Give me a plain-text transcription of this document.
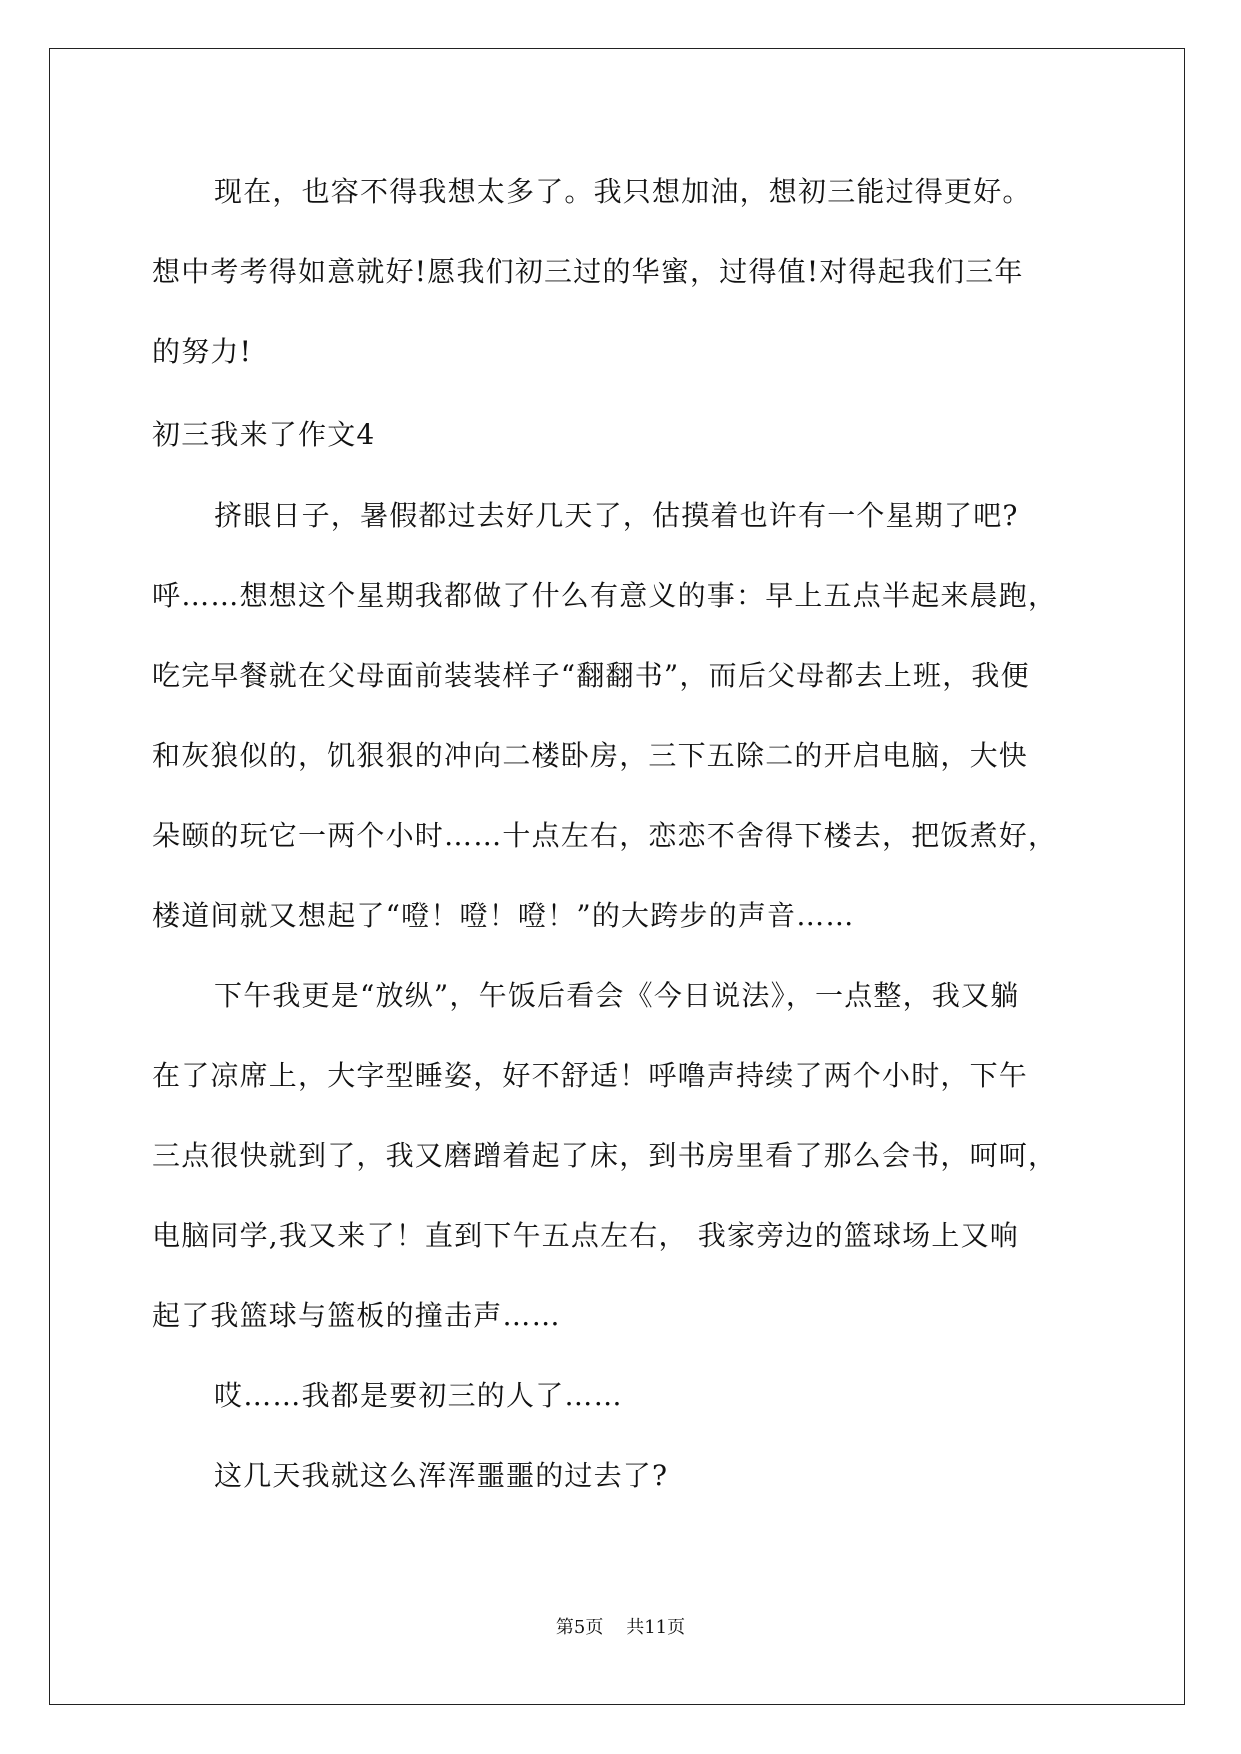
现在，也容不得我想太多了。我只想加油，想初三能过得更好。
想中考考得如意就好!愿我们初三过的华蜜，过得值!对得起我们三年
的努力!
初三我来了作文4
挤眼日子，暑假都过去好几天了，估摸着也许有一个星期了吧?
呼……想想这个星期我都做了什么有意义的事：早上五点半起来晨跑，
吃完早餐就在父母面前装装样子“翻翻书”，而后父母都去上班，我便
和灰狼似的，饥狠狠的冲向二楼卧房，三下五除二的开启电脑，大快
朵颐的玩它一两个小时……十点左右，恋恋不舍得下楼去，把饭煮好，
楼道间就又想起了“噔！噔！噔！”的大跨步的声音……
下午我更是“放纵”，午饭后看会《今日说法》，一点整，我又躺
在了凉席上，大字型睡姿，好不舒适！呼噜声持续了两个小时，下午
三点很快就到了，我又磨蹭着起了床，到书房里看了那么会书，呵呵，
电脑同学,我又来了！直到下午五点左右， 我家旁边的篮球场上又响
起了我篮球与篮板的撞击声……
哎……我都是要初三的人了……
这几天我就这么浑浑噩噩的过去了?
第5页    共11页
